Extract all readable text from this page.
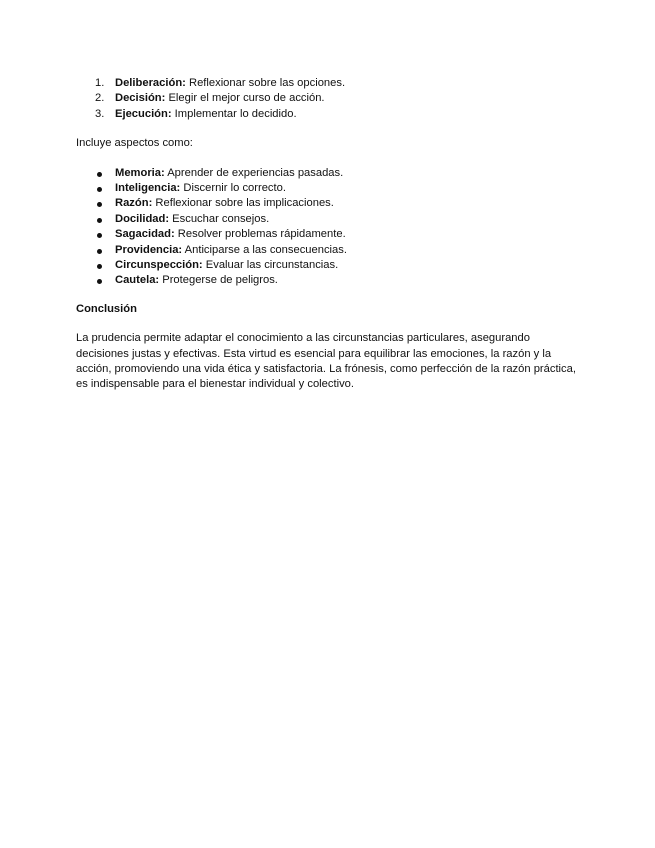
1. Deliberación: Reflexionar sobre las opciones.
2. Decisión: Elegir el mejor curso de acción.
3. Ejecución: Implementar lo decidido.

Incluye aspectos como:

Memoria: Aprender de experiencias pasadas.
Inteligencia: Discernir lo correcto.
Razón: Reflexionar sobre las implicaciones.
Docilidad: Escuchar consejos.
Sagacidad: Resolver problemas rápidamente.
Providencia: Anticiparse a las consecuencias.
Circunspección: Evaluar las circunstancias.
Cautela: Protegerse de peligros.

Conclusión

La prudencia permite adaptar el conocimiento a las circunstancias particulares, asegurando decisiones justas y efectivas. Esta virtud es esencial para equilibrar las emociones, la razón y la acción, promoviendo una vida ética y satisfactoria. La frónesis, como perfección de la razón práctica, es indispensable para el bienestar individual y colectivo.
